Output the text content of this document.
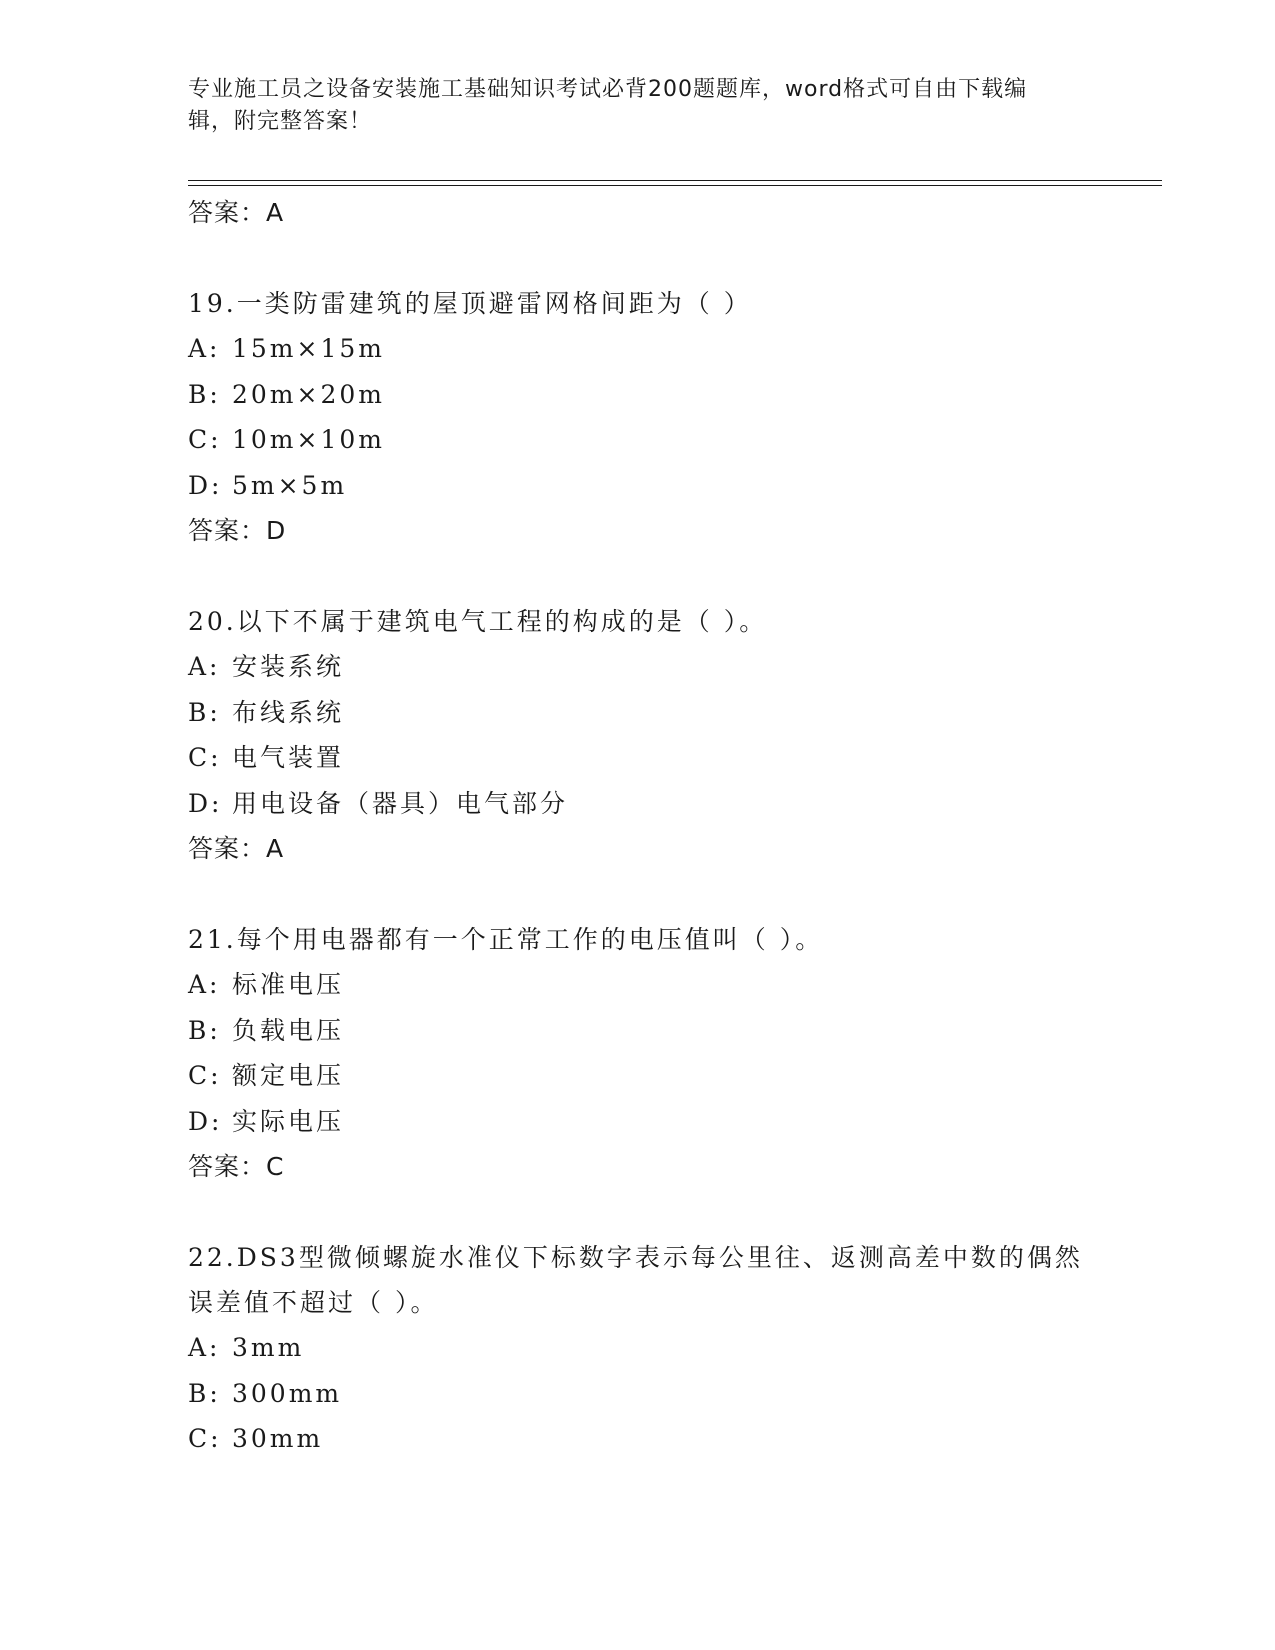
专业施工员之设备安装施工基础知识考试必背200题题库，word格式可自由下载编辑，附完整答案！
答案：A
19.一类防雷建筑的屋顶避雷网格间距为（ ）
A: 15m×15m
B: 20m×20m
C: 10m×10m
D: 5m×5m
答案：D
20.以下不属于建筑电气工程的构成的是（ ）。
A: 安装系统
B: 布线系统
C: 电气装置
D: 用电设备（器具）电气部分
答案：A
21.每个用电器都有一个正常工作的电压值叫（ ）。
A: 标准电压
B: 负载电压
C: 额定电压
D: 实际电压
答案：C
22.DS3型微倾螺旋水准仪下标数字表示每公里往、返测高差中数的偶然误差值不超过（ ）。
A: 3mm
B: 300mm
C: 30mm
